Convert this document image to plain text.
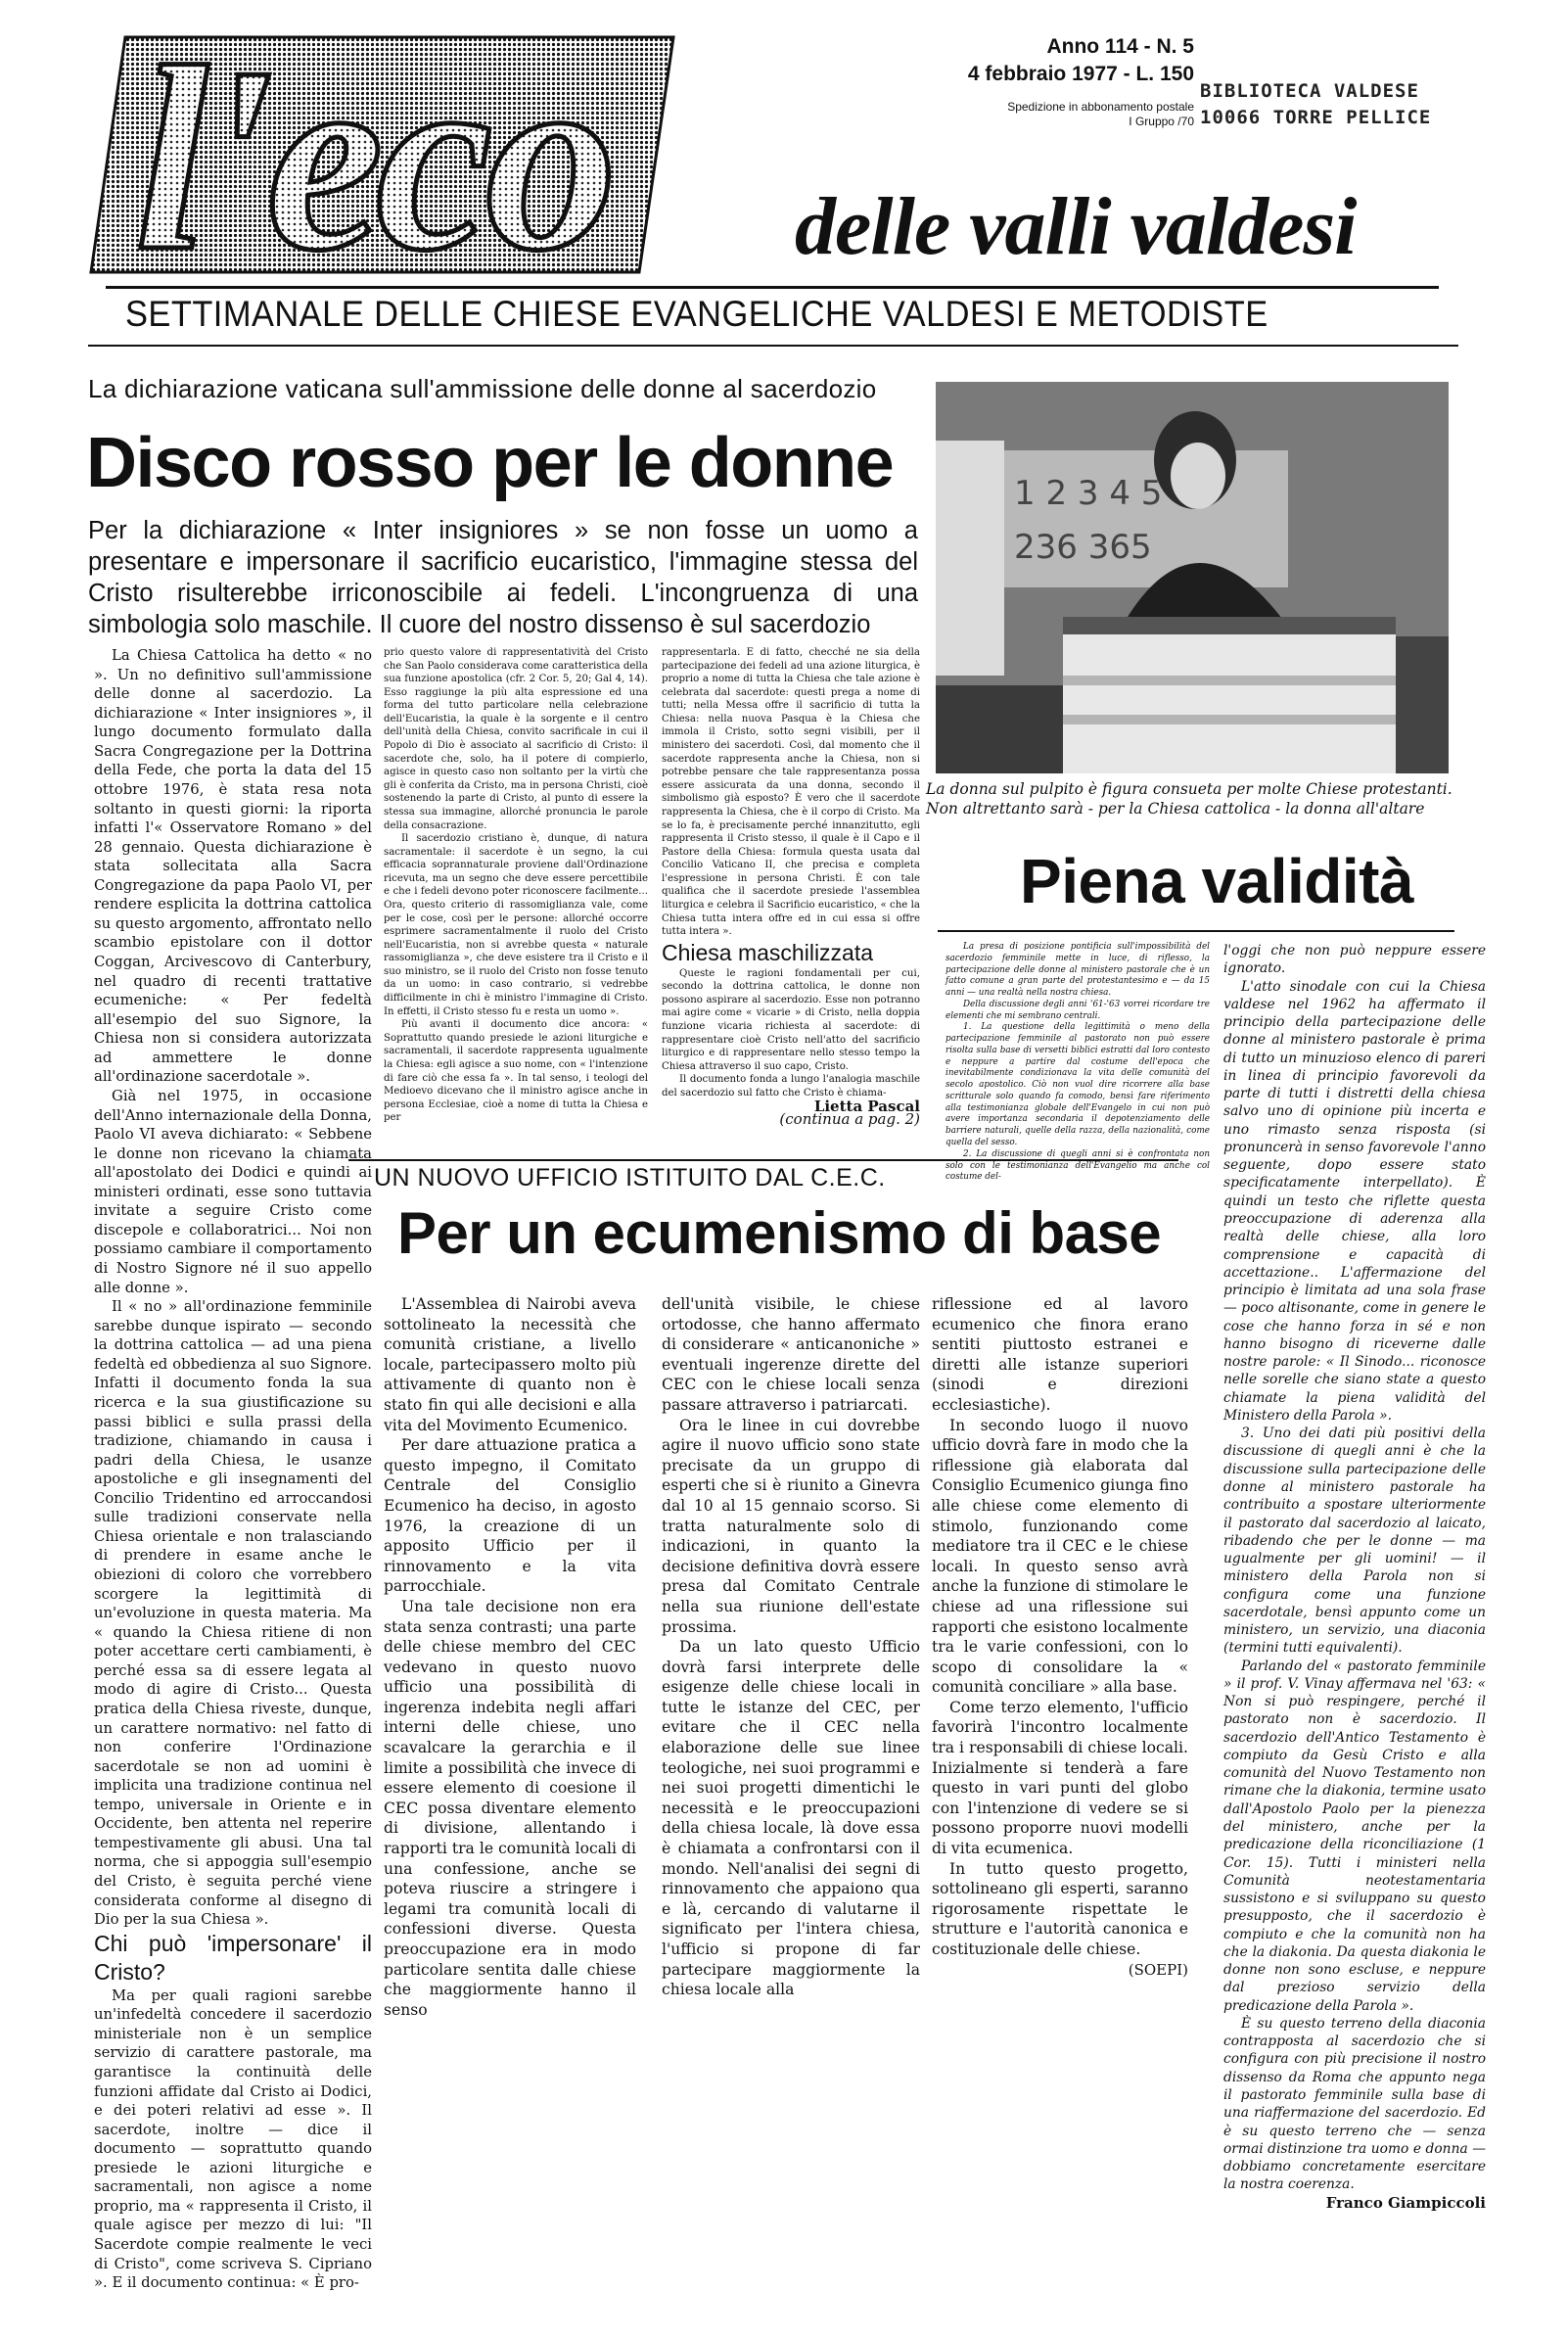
l'eco	Anno 114 - N. 5
4 febbraio 1977 - L. 150
Spedizione in abbonamento postale
I Gruppo /70
BIBLIOTECA VALDESE
10066 TORRE PELLICE
delle valli valdesi
SETTIMANALE DELLE CHIESE EVANGELICHE VALDESI E METODISTE
La dichiarazione vaticana sull'ammissione delle donne al sacerdozio
Disco rosso per le donne
Per la dichiarazione « Inter insigniores » se non fosse un uomo a presentare e impersonare il sacrificio eucaristico, l'immagine stessa del Cristo risulterebbe irriconoscibile ai fedeli. L'incongruenza di una simbologia solo maschile. Il cuore del nostro dissenso è sul sacerdozio

La Chiesa Cattolica ha detto « no ». Un no definitivo sull'ammissione delle donne al sacerdozio. La dichiarazione « Inter insigniores », il lungo documento formulato dalla Sacra Congregazione per la Dottrina della Fede, che porta la data del 15 ottobre 1976, è stata resa nota soltanto in questi giorni: la riporta infatti l'« Osservatore Romano » del 28 gennaio. Questa dichiarazione è stata sollecitata alla Sacra Congregazione da papa Paolo VI, per rendere esplicita la dottrina cattolica su questo argomento, affrontato nello scambio epistolare con il dottor Coggan, Arcivescovo di Canterbury, nel quadro di recenti trattative ecumeniche: « Per fedeltà all'esempio del suo Signore, la Chiesa non si considera autorizzata ad ammettere le donne all'ordinazione sacerdotale ».

Già nel 1975, in occasione dell'Anno internazionale della Donna, Paolo VI aveva dichiarato: « Sebbene le donne non ricevano la chiamata all'apostolato dei Dodici e quindi ai ministeri ordinati, esse sono tuttavia invitate a seguire Cristo come discepole e collaboratrici... Noi non possiamo cambiare il comportamento di Nostro Signore né il suo appello alle donne ».

Il « no » all'ordinazione femminile sarebbe dunque ispirato — secondo la dottrina cattolica — ad una piena fedeltà ed obbedienza al suo Signore. Infatti il documento fonda la sua ricerca e la sua giustificazione su passi biblici e sulla prassi della tradizione, chiamando in causa i padri della Chiesa, le usanze apostoliche e gli insegnamenti del Concilio Tridentino ed arroccandosi sulle tradizioni conservate nella Chiesa orientale e non tralasciando di prendere in esame anche le obiezioni di coloro che vorrebbero scorgere la legittimità di un'evoluzione in questa materia. Ma « quando la Chiesa ritiene di non poter accettare certi cambiamenti, è perché essa sa di essere legata al modo di agire di Cristo... Questa pratica della Chiesa riveste, dunque, un carattere normativo: nel fatto di non conferire l'Ordinazione sacerdotale se non ad uomini è implicita una tradizione continua nel tempo, universale in Oriente e in Occidente, ben attenta nel reperire tempestivamente gli abusi. Una tal norma, che si appoggia sull'esempio del Cristo, è seguita perché viene considerata conforme al disegno di Dio per la sua Chiesa ».

Chi può 'impersonare' il Cristo?

Ma per quali ragioni sarebbe un'infedeltà concedere il sacerdozio ministeriale non è un semplice servizio di carattere pastorale, ma garantisce la continuità delle funzioni affidate dal Cristo ai Dodici, e dei poteri relativi ad esse ». Il sacerdote, inoltre — dice il documento — soprattutto quando presiede le azioni liturgiche e sacramentali, non agisce a nome proprio, ma « rappresenta il Cristo, il quale agisce per mezzo di lui: "Il Sacerdote compie realmente le veci di Cristo", come scriveva S. Cipriano ». E il documento continua: « È pro-

prio questo valore di rappresentatività del Cristo che San Paolo considerava come caratteristica della sua funzione apostolica (cfr. 2 Cor. 5, 20; Gal 4, 14). Esso raggiunge la più alta espressione ed una forma del tutto particolare nella celebrazione dell'Eucaristia, la quale è la sorgente e il centro dell'unità della Chiesa, convito sacrificale in cui il Popolo di Dio è associato al sacrificio di Cristo: il sacerdote che, solo, ha il potere di compierlo, agisce in questo caso non soltanto per la virtù che gli è conferita da Cristo, ma in persona Christi, cioè sostenendo la parte di Cristo, al punto di essere la stessa sua immagine, allorché pronuncia le parole della consacrazione.

Il sacerdozio cristiano è, dunque, di natura sacramentale: il sacerdote è un segno, la cui efficacia soprannaturale proviene dall'Ordinazione ricevuta, ma un segno che deve essere percettibile e che i fedeli devono poter riconoscere facilmente... Ora, questo criterio di rassomiglianza vale, come per le cose, così per le persone: allorché occorre esprimere sacramentalmente il ruolo del Cristo nell'Eucaristia, non si avrebbe questa « naturale rassomiglianza », che deve esistere tra il Cristo e il suo ministro, se il ruolo del Cristo non fosse tenuto da un uomo: in caso contrario, si vedrebbe difficilmente in chi è ministro l'immagine di Cristo. In effetti, il Cristo stesso fu e resta un uomo ».

Più avanti il documento dice ancora: « Soprattutto quando presiede le azioni liturgiche e sacramentali, il sacerdote rappresenta ugualmente la Chiesa: egli agisce a suo nome, con « l'intenzione di fare ciò che essa fa ». In tal senso, i teologi del Medioevo dicevano che il ministro agisce anche in persona Ecclesiae, cioè a nome di tutta la Chiesa e per

rappresentarla. E di fatto, checché ne sia della partecipazione dei fedeli ad una azione liturgica, è proprio a nome di tutta la Chiesa che tale azione è celebrata dal sacerdote: questi prega a nome di tutti; nella Messa offre il sacrificio di tutta la Chiesa: nella nuova Pasqua è la Chiesa che immola il Cristo, sotto segni visibili, per il ministero dei sacerdoti. Così, dal momento che il sacerdote rappresenta anche la Chiesa, non si potrebbe pensare che tale rappresentanza possa essere assicurata da una donna, secondo il simbolismo già esposto? È vero che il sacerdote rappresenta la Chiesa, che è il corpo di Cristo. Ma se lo fa, è precisamente perché innanzitutto, egli rappresenta il Cristo stesso, il quale è il Capo e il Pastore della Chiesa: formula questa usata dal Concilio Vaticano II, che precisa e completa l'espressione in persona Christi. È con tale qualifica che il sacerdote presiede l'assemblea liturgica e celebra il Sacrificio eucaristico, « che la Chiesa tutta intera offre ed in cui essa si offre tutta intera ».

Chiesa maschilizzata

Queste le ragioni fondamentali per cui, secondo la dottrina cattolica, le donne non possono aspirare al sacerdozio. Esse non potranno mai agire come « vicarie » di Cristo, nella doppia funzione vicaria richiesta al sacerdote: di rappresentare cioè Cristo nell'atto del sacrificio liturgico e di rappresentare nello stesso tempo la Chiesa attraverso il suo capo, Cristo.

Il documento fonda a lungo l'analogia maschile del sacerdozio sul fatto che Cristo è chiama-

Lietta Pascal

(continua a pag. 2)

1 2 3 4 5
236 365
La donna sul pulpito è figura consueta per molte Chiese protestanti. Non altrettanto sarà - per la Chiesa cattolica - la donna all'altare
Piena validità

La presa di posizione pontificia sull'impossibilità del sacerdozio femminile mette in luce, di riflesso, la partecipazione delle donne al ministero pastorale che è un fatto comune a gran parte del protestantesimo e — da 15 anni — una realtà nella nostra chiesa.

Della discussione degli anni '61-'63 vorrei ricordare tre elementi che mi sembrano centrali.

1. La questione della legittimità o meno della partecipazione femminile al pastorato non può essere risolta sulla base di versetti biblici estratti dal loro contesto e neppure a partire dal costume dell'epoca che inevitabilmente condizionava la vita delle comunità del secolo apostolico. Ciò non vuol dire ricorrere alla base scritturale solo quando fa comodo, bensì fare riferimento alla testimonianza globale dell'Evangelo in cui non può avere importanza secondaria il depotenziamento delle barriere naturali, quelle della razza, della nazionalità, come quella del sesso.

2. La discussione di quegli anni si è confrontata non solo con le testimonianza dell'Evangelio ma anche col costume del-

l'oggi che non può neppure essere ignorato.

L'atto sinodale con cui la Chiesa valdese nel 1962 ha affermato il principio della partecipazione delle donne al ministero pastorale è prima di tutto un minuzioso elenco di pareri in linea di principio favorevoli da parte di tutti i distretti della chiesa salvo uno di opinione più incerta e uno rimasto senza risposta (si pronuncerà in senso favorevole l'anno seguente, dopo essere stato specificatamente interpellato). È quindi un testo che riflette questa preoccupazione di aderenza alla realtà delle chiese, alla loro comprensione e capacità di accettazione.. L'affermazione del principio è limitata ad una sola frase — poco altisonante, come in genere le cose che hanno forza in sé e non hanno bisogno di riceverne dalle nostre parole: « Il Sinodo... riconosce nelle sorelle che siano state a questo chiamate la piena validità del Ministero della Parola ».

3. Uno dei dati più positivi della discussione di quegli anni è che la discussione sulla partecipazione delle donne al ministero pastorale ha contribuito a spostare ulteriormente il pastorato dal sacerdozio al laicato, ribadendo che per le donne — ma ugualmente per gli uomini! — il ministero della Parola non si configura come una funzione sacerdotale, bensì appunto come un ministero, un servizio, una diaconia (termini tutti equivalenti).

Parlando del « pastorato femminile » il prof. V. Vinay affermava nel '63: « Non si può respingere, perché il pastorato non è sacerdozio. Il sacerdozio dell'Antico Testamento è compiuto da Gesù Cristo e alla comunità del Nuovo Testamento non rimane che la diakonia, termine usato dall'Apostolo Paolo per la pienezza del ministero, anche per la predicazione della riconciliazione (1 Cor. 15). Tutti i ministeri nella Comunità neotestamentaria sussistono e si sviluppano su questo presupposto, che il sacerdozio è compiuto e che la comunità non ha che la diakonia. Da questa diakonia le donne non sono escluse, e neppure dal prezioso servizio della predicazione della Parola ».

È su questo terreno della diaconia contrapposta al sacerdozio che si configura con più precisione il nostro dissenso da Roma che appunto nega il pastorato femminile sulla base di una riaffermazione del sacerdozio. Ed è su questo terreno che — senza ormai distinzione tra uomo e donna — dobbiamo concretamente esercitare la nostra coerenza.

Franco Giampiccoli

UN NUOVO UFFICIO ISTITUITO DAL C.E.C.
Per un ecumenismo di base

L'Assemblea di Nairobi aveva sottolineato la necessità che comunità cristiane, a livello locale, partecipassero molto più attivamente di quanto non è stato fin qui alle decisioni e alla vita del Movimento Ecumenico.

Per dare attuazione pratica a questo impegno, il Comitato Centrale del Consiglio Ecumenico ha deciso, in agosto 1976, la creazione di un apposito Ufficio per il rinnovamento e la vita parrocchiale.

Una tale decisione non era stata senza contrasti; una parte delle chiese membro del CEC vedevano in questo nuovo ufficio una possibilità di ingerenza indebita negli affari interni delle chiese, uno scavalcare la gerarchia e il limite a possibilità che invece di essere elemento di coesione il CEC possa diventare elemento di divisione, allentando i rapporti tra le comunità locali di una confessione, anche se poteva riuscire a stringere i legami tra comunità locali di confessioni diverse. Questa preoccupazione era in modo particolare sentita dalle chiese che maggiormente hanno il senso

dell'unità visibile, le chiese ortodosse, che hanno affermato di considerare « anticanoniche » eventuali ingerenze dirette del CEC con le chiese locali senza passare attraverso i patriarcati.

Ora le linee in cui dovrebbe agire il nuovo ufficio sono state precisate da un gruppo di esperti che si è riunito a Ginevra dal 10 al 15 gennaio scorso. Si tratta naturalmente solo di indicazioni, in quanto la decisione definitiva dovrà essere presa dal Comitato Centrale nella sua riunione dell'estate prossima.

Da un lato questo Ufficio dovrà farsi interprete delle esigenze delle chiese locali in tutte le istanze del CEC, per evitare che il CEC nella elaborazione delle sue linee teologiche, nei suoi programmi e nei suoi progetti dimentichi le necessità e le preoccupazioni della chiesa locale, là dove essa è chiamata a confrontarsi con il mondo. Nell'analisi dei segni di rinnovamento che appaiono qua e là, cercando di valutarne il significato per l'intera chiesa, l'ufficio si propone di far partecipare maggiormente la chiesa locale alla

riflessione ed al lavoro ecumenico che finora erano sentiti piuttosto estranei e diretti alle istanze superiori (sinodi e direzioni ecclesiastiche).

In secondo luogo il nuovo ufficio dovrà fare in modo che la riflessione già elaborata dal Consiglio Ecumenico giunga fino alle chiese come elemento di stimolo, funzionando come mediatore tra il CEC e le chiese locali. In questo senso avrà anche la funzione di stimolare le chiese ad una riflessione sui rapporti che esistono localmente tra le varie confessioni, con lo scopo di consolidare la « comunità conciliare » alla base.

Come terzo elemento, l'ufficio favorirà l'incontro localmente tra i responsabili di chiese locali. Inizialmente si tenderà a fare questo in vari punti del globo con l'intenzione di vedere se si possono proporre nuovi modelli di vita ecumenica.

In tutto questo progetto, sottolineano gli esperti, saranno rigorosamente rispettate le strutture e l'autorità canonica e costituzionale delle chiese.

(SOEPI)
